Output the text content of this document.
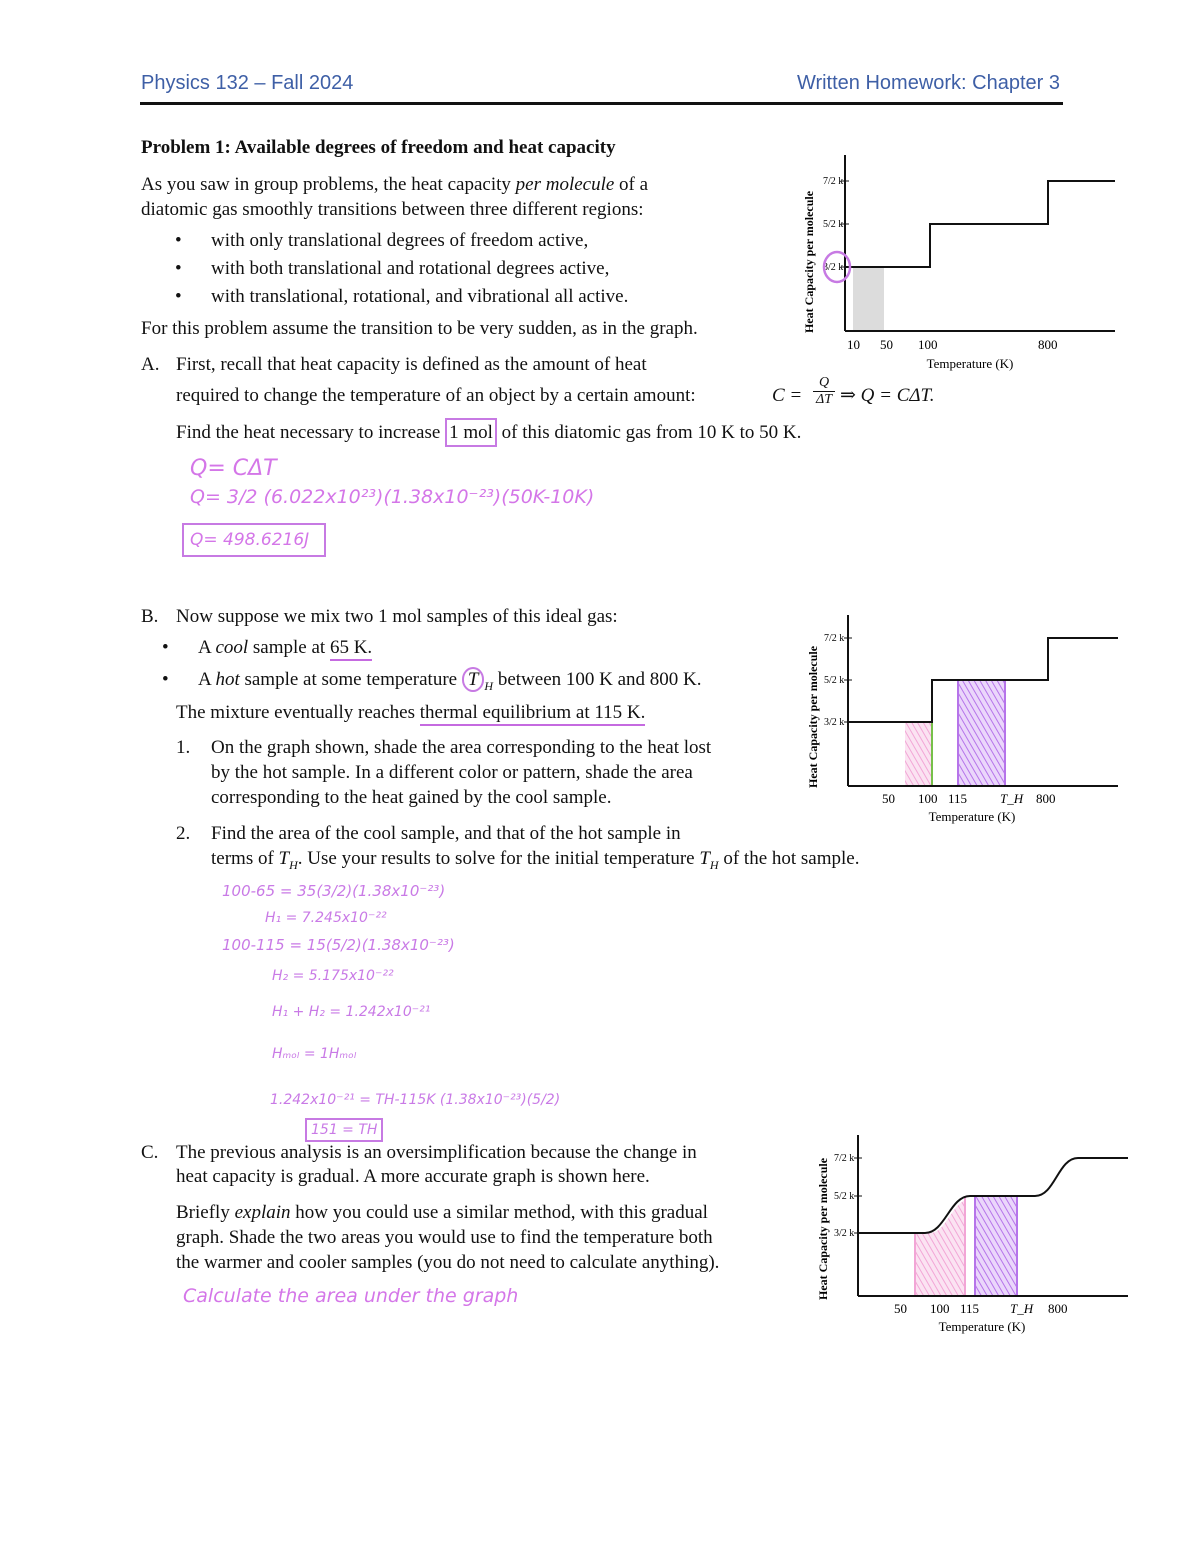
Physics 132 – Fall 2024	Written Homework: Chapter 3
Problem 1: Available degrees of freedom and heat capacity
As you saw in group problems, the heat capacity per molecule of a
diatomic gas smoothly transitions between three different regions:
• with only translational degrees of freedom active,
• with both translational and rotational degrees active,
• with translational, rotational, and vibrational all active.
For this problem assume the transition to be very sudden, as in the graph.
A. First, recall that heat capacity is defined as the amount of heat
required to change the temperature of an object by a certain amount:	C =
Q
ΔT ⇒ Q = CΔT.
Find the heat necessary to increase 1 mol of this diatomic gas from 10 K to 50 K.
Q= CΔT
Q= 3/2 (6.022x10²³)(1.38x10⁻²³)(50K-10K)
Q= 498.6216J
B. Now suppose we mix two 1 mol samples of this ideal gas:
• A cool sample at 65 K.
• A hot sample at some temperature T $_H$ between 100 K and 800 K.
The mixture eventually reaches thermal equilibrium at 115 K.
1. On the graph shown, shade the area corresponding to the heat lost
by the hot sample. In a different color or pattern, shade the area
corresponding to the heat gained by the cool sample.
2. Find the area of the cool sample, and that of the hot sample in
terms of $T_H$. Use your results to solve for the initial temperature $T_H$ of the hot sample.
100-65 = 35(3/2)(1.38x10⁻²³)
H₁ = 7.245x10⁻²²
100-115 = 15(5/2)(1.38x10⁻²³)
H₂ = 5.175x10⁻²²
H₁ + H₂ = 1.242x10⁻²¹
Hₘₒₗ = 1Hₘₒₗ
1.242x10⁻²¹ = TH-115K (1.38x10⁻²³)(5/2)
151 = TH
C. The previous analysis is an oversimplification because the change in
heat capacity is gradual. A more accurate graph is shown here.
Briefly explain how you could use a similar method, with this gradual
graph. Shade the two areas you would use to find the temperature both
the warmer and cooler samples (you do not need to calculate anything).
Calculate the area under the graph
7/2 k
5/2 k
3/2 k
10 50 100	800
Temperature (K)
Heat Capacity per molecule
7/2 k
5/2 k
3/2 k
50 100 115	T_H 800
Temperature (K)
Heat Capacity per molecule
7/2 k
5/2 k
3/2 k
50 100 115 T_H 800
Temperature (K)
Heat Capacity per molecule
